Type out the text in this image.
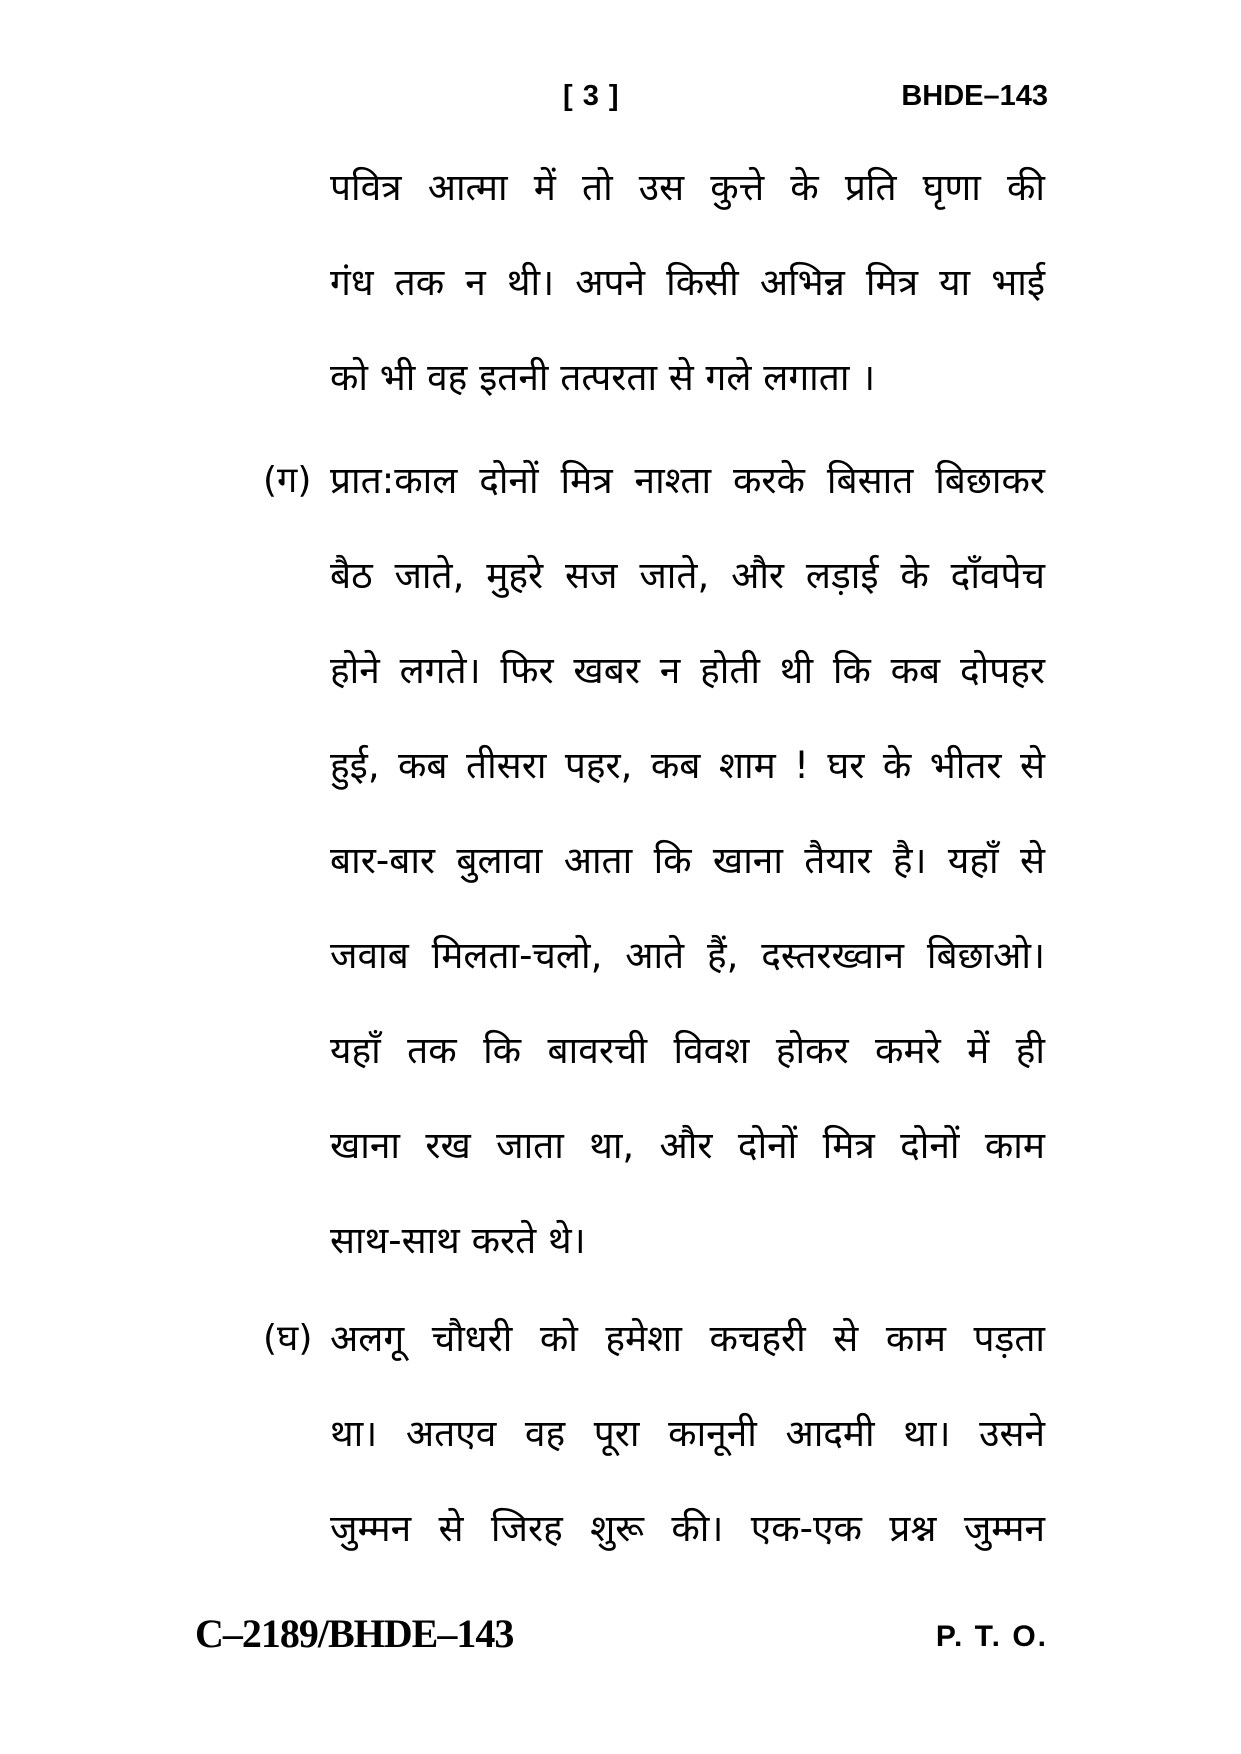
[ 3 ]	BHDE–143
पवित्र आत्मा में तो उस कुत्ते के प्रति घृणा की
गंध तक न थी। अपने किसी अभिन्न मित्र या भाई
को भी वह इतनी तत्परता से गले लगाता ।
(ग) प्रात:काल दोनों मित्र नाश्ता करके बिसात बिछाकर
बैठ जाते, मुहरे सज जाते, और लड़ाई के दाँवपेच
होने लगते। फिर खबर न होती थी कि कब दोपहर
हुई, कब तीसरा पहर, कब शाम ! घर के भीतर से
बार-बार बुलावा आता कि खाना तैयार है। यहाँ से
जवाब मिलता-चलो, आते हैं, दस्तरख्वान बिछाओ।
यहाँ तक कि बावरची विवश होकर कमरे में ही
खाना रख जाता था, और दोनों मित्र दोनों काम
साथ-साथ करते थे।
(घ) अलगू चौधरी को हमेशा कचहरी से काम पड़ता
था। अतएव वह पूरा कानूनी आदमी था। उसने
जुम्मन से जिरह शुरू की। एक-एक प्रश्न जुम्मन
C–2189/BHDE–143	P. T. O.
